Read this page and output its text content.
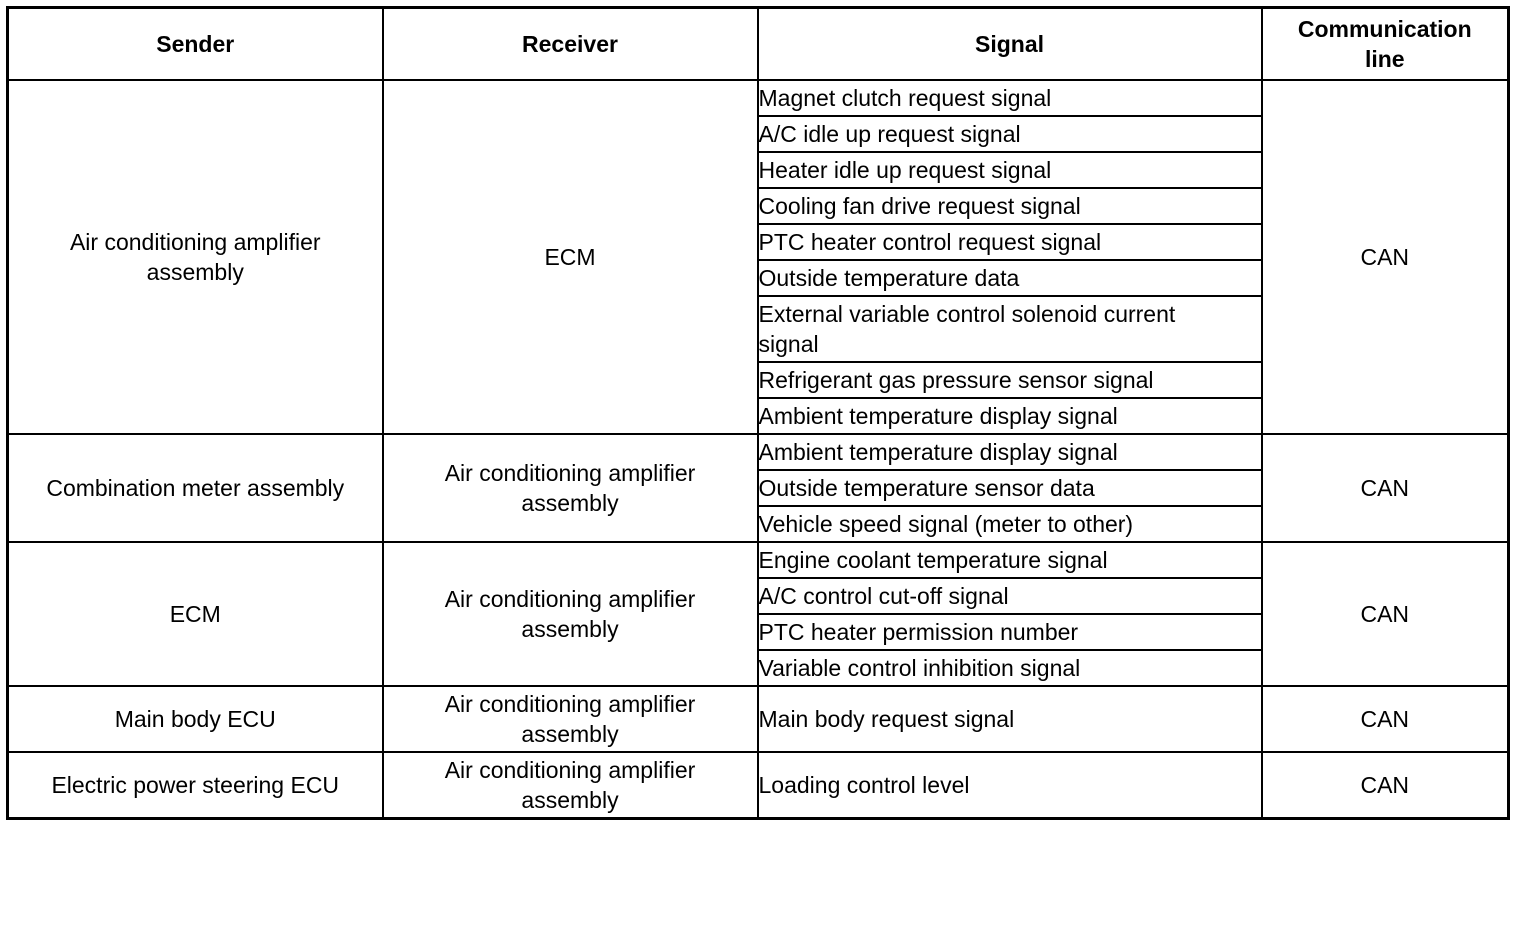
Sender	Receiver	Signal	Communication
line
Air conditioning amplifier
assembly	ECM	Magnet clutch request signal	CAN
		A/C idle up request signal	
		Heater idle up request signal	
		Cooling fan drive request signal	
		PTC heater control request signal	
		Outside temperature data	
		External variable control solenoid current
signal	
		Refrigerant gas pressure sensor signal	
		Ambient temperature display signal	
Combination meter assembly	Air conditioning amplifier
assembly	Ambient temperature display signal	CAN
		Outside temperature sensor data	
		Vehicle speed signal (meter to other)	
ECM	Air conditioning amplifier
assembly	Engine coolant temperature signal	CAN
		A/C control cut-off signal	
		PTC heater permission number	
		Variable control inhibition signal	
Main body ECU	Air conditioning amplifier
assembly	Main body request signal	CAN
Electric power steering ECU	Air conditioning amplifier
assembly	Loading control level	CAN
